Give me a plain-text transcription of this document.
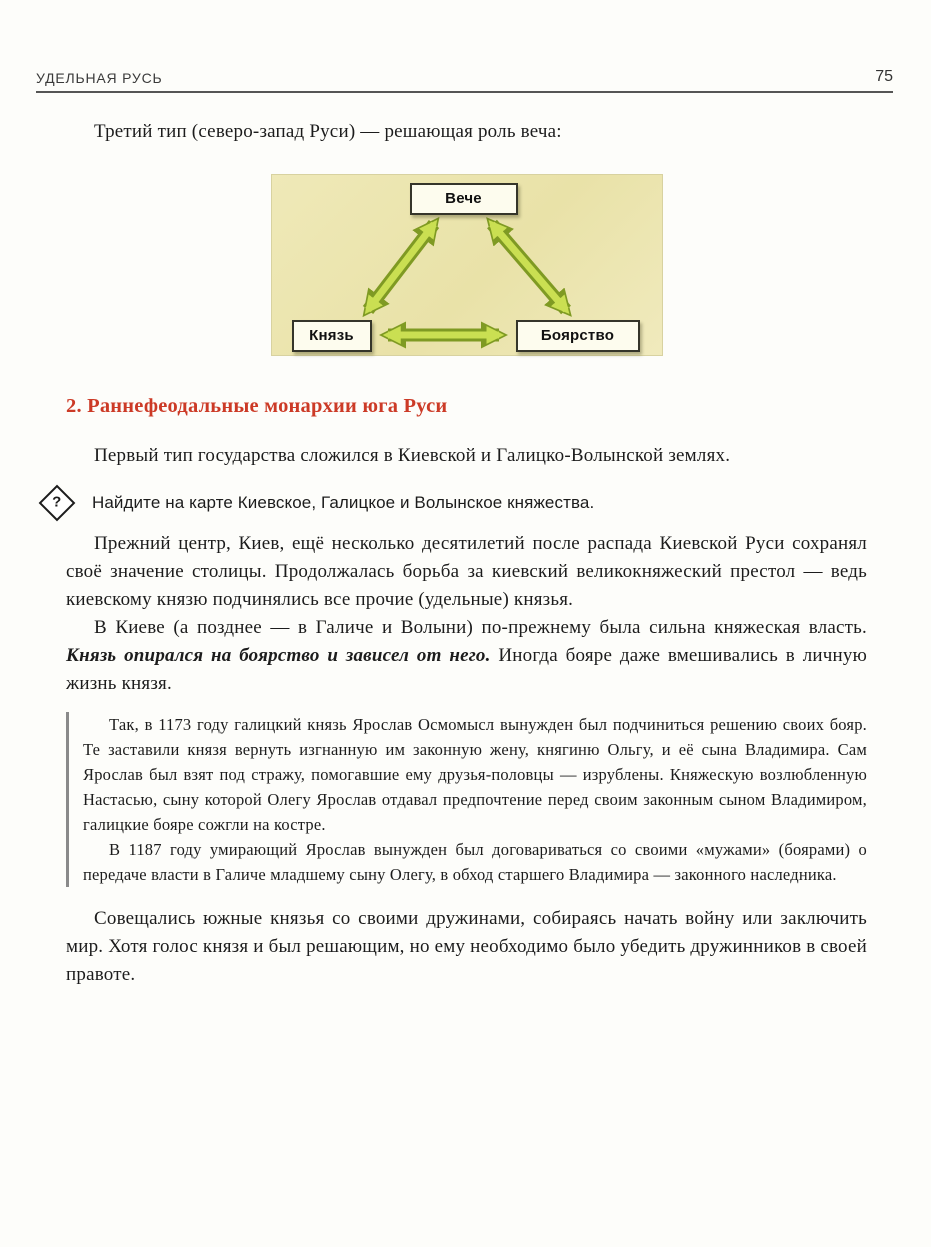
УДЕЛЬНАЯ РУСЬ	75

Третий тип (северо-запад Руси) — решающая роль веча:

Вече
Князь	Боярство
2. Раннефеодальные монархии юга Руси

Первый тип государства сложился в Киевской и Галицко-Волынской землях.

? Найдите на карте Киевское, Галицкое и Волынское княжества.

Прежний центр, Киев, ещё несколько десятилетий после распада Киевской Руси сохранял своё значение столицы. Продолжалась борьба за киевский великокняжеский престол — ведь киевскому князю подчинялись все прочие (удельные) князья.

В Киеве (а позднее — в Галиче и Волыни) по-прежнему была сильна княжеская власть. Князь опирался на боярство и зависел от него. Иногда бояре даже вмешивались в личную жизнь князя.

Так, в 1173 году галицкий князь Ярослав Осмомысл вынужден был подчиниться решению своих бояр. Те заставили князя вернуть изгнанную им законную жену, княгиню Ольгу, и её сына Владимира. Сам Ярослав был взят под стражу, помогавшие ему друзья-половцы — изрублены. Княжескую возлюбленную Настасью, сыну которой Олегу Ярослав отдавал предпочтение перед своим законным сыном Владимиром, галицкие бояре сожгли на костре.

В 1187 году умирающий Ярослав вынужден был договариваться со своими «мужами» (боярами) о передаче власти в Галиче младшему сыну Олегу, в обход старшего Владимира — законного наследника.

Совещались южные князья со своими дружинами, собираясь начать войну или заключить мир. Хотя голос князя и был решающим, но ему необходимо было убедить дружинников в своей правоте.
